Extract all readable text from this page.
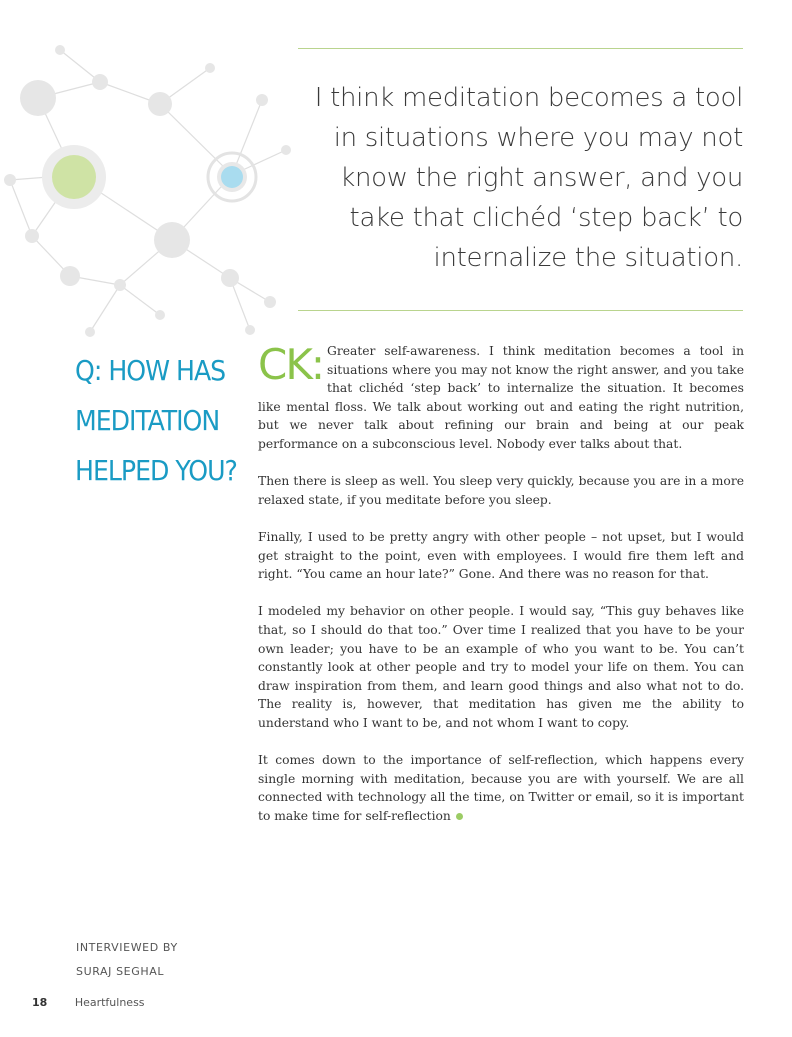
I think meditation becomes a tool in situations where you may not know the right answer, and you take that clichéd ‘step back’ to internalize the situation.

Q: HOW HAS
MEDITATION
HELPED YOU?

CK: Greater self-awareness. I think meditation becomes a tool in situations where you may not know the right answer, and you take that clichéd ‘step back’ to internalize the situation. It becomes like mental floss. We talk about working out and eating the right nutrition, but we never talk about refining our brain and being at our peak performance on a subconscious level. Nobody ever talks about that.

Then there is sleep as well. You sleep very quickly, because you are in a more relaxed state, if you meditate before you sleep.

Finally, I used to be pretty angry with other people – not upset, but I would get straight to the point, even with employees. I would fire them left and right. “You came an hour late?” Gone. And there was no reason for that.

I modeled my behavior on other people. I would say, “This guy behaves like that, so I should do that too.” Over time I realized that you have to be your own leader; you have to be an example of who you want to be. You can’t constantly look at other people and try to model your life on them. You can draw inspiration from them, and learn good things and also what not to do. The reality is, however, that meditation has given me the ability to understand who I want to be, and not whom I want to copy.

It comes down to the importance of self-reflection, which happens every single morning with meditation, because you are with yourself. We are all connected with technology all the time, on Twitter or email, so it is important to make time for self-reflection

INTERVIEWED BY
SURAJ SEGHAL
18	Heartfulness
